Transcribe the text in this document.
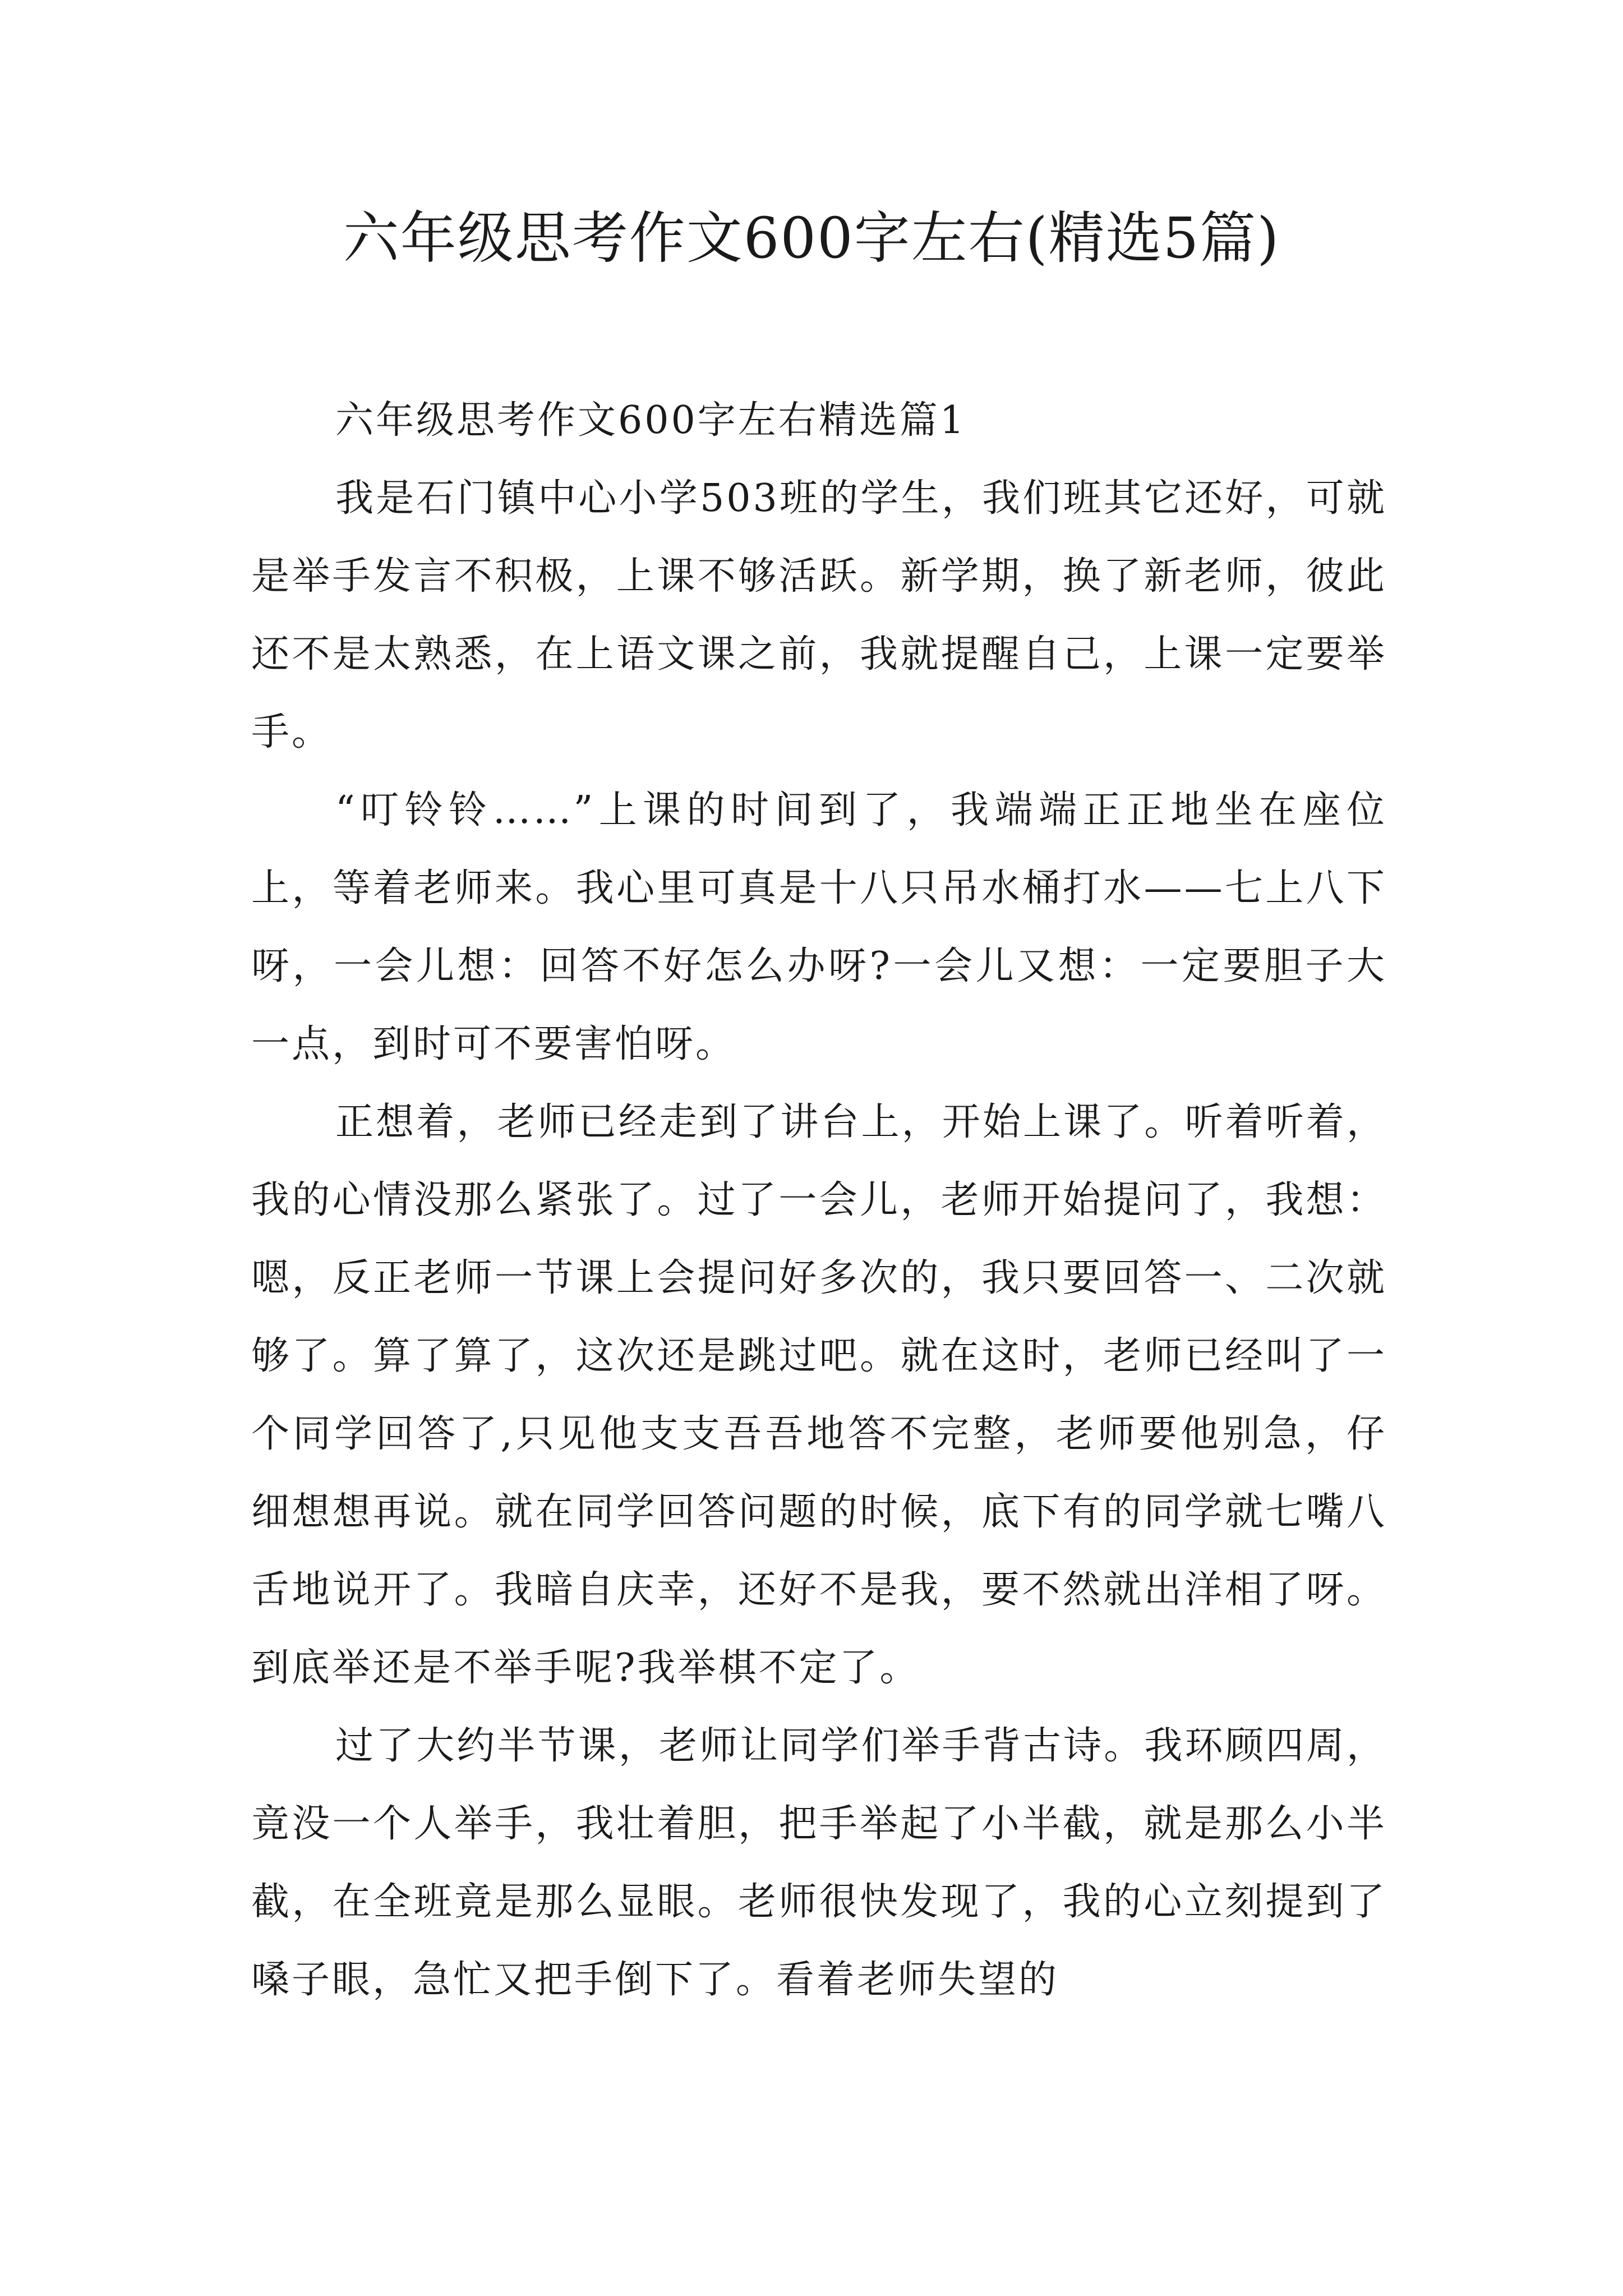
六年级思考作文600字左右(精选5篇)

六年级思考作文600字左右精选篇1

我是石门镇中心小学503班的学生，我们班其它还好，可就是举手发言不积极，上课不够活跃。新学期，换了新老师，彼此还不是太熟悉，在上语文课之前，我就提醒自己，上课一定要举手。

“叮铃铃……”上课的时间到了，我端端正正地坐在座位上，等着老师来。我心里可真是十八只吊水桶打水——七上八下呀，一会儿想：回答不好怎么办呀?一会儿又想：一定要胆子大一点，到时可不要害怕呀。

正想着，老师已经走到了讲台上，开始上课了。听着听着，我的心情没那么紧张了。过了一会儿，老师开始提问了，我想：嗯，反正老师一节课上会提问好多次的，我只要回答一、二次就够了。算了算了，这次还是跳过吧。就在这时，老师已经叫了一个同学回答了,只见他支支吾吾地答不完整，老师要他别急，仔细想想再说。就在同学回答问题的时候，底下有的同学就七嘴八舌地说开了。我暗自庆幸，还好不是我，要不然就出洋相了呀。到底举还是不举手呢?我举棋不定了。

过了大约半节课，老师让同学们举手背古诗。我环顾四周，竟没一个人举手，我壮着胆，把手举起了小半截，就是那么小半截，在全班竟是那么显眼。老师很快发现了，我的心立刻提到了嗓子眼，急忙又把手倒下了。看着老师失望的
